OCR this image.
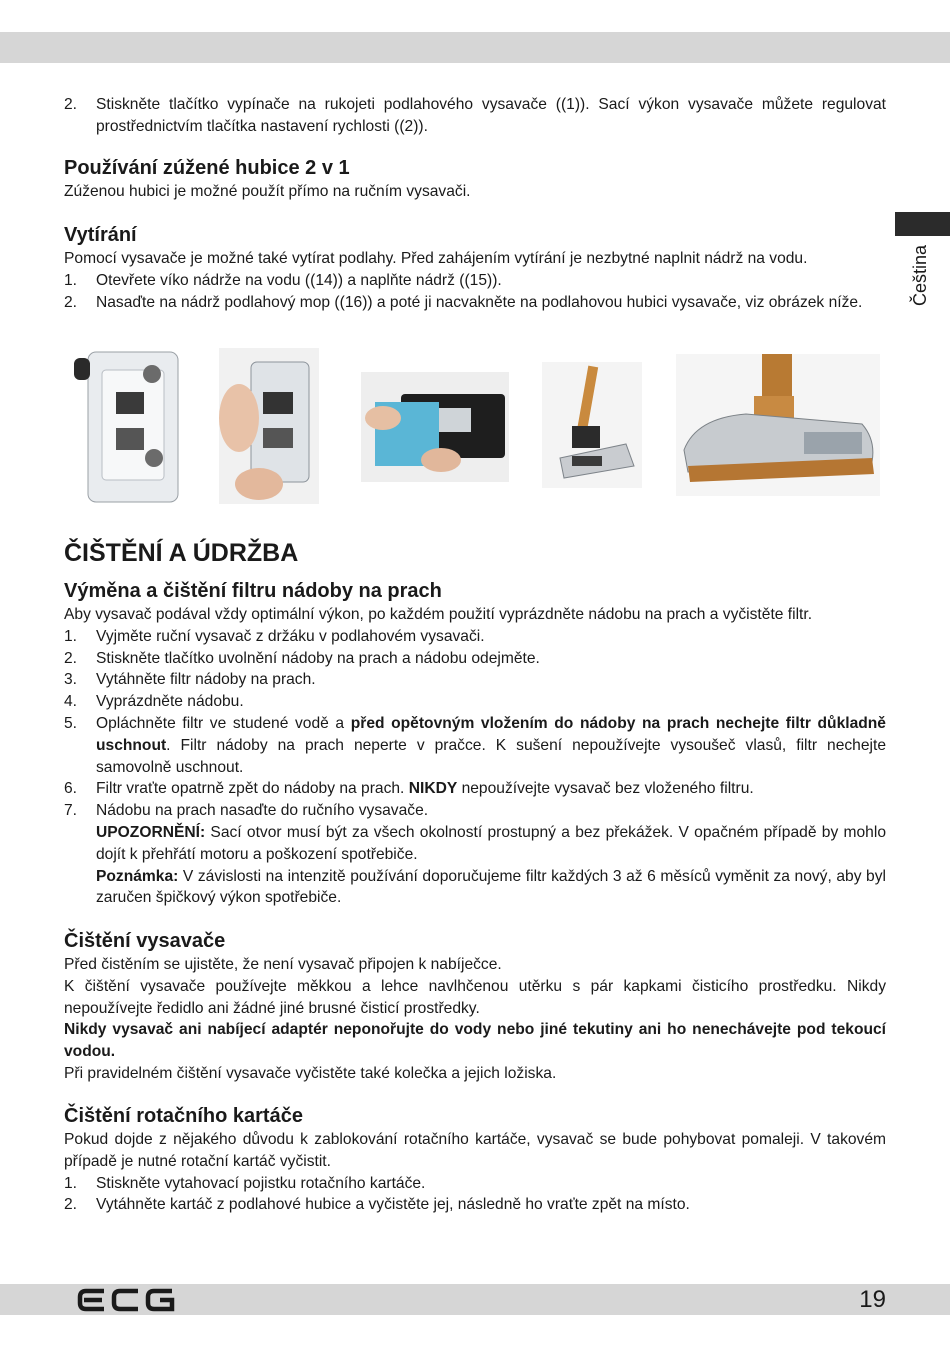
Čeština
2. Stiskněte tlačítko vypínače na rukojeti podlahového vysavače ((1)). Sací výkon vysavače můžete regulovat prostřednictvím tlačítka nastavení rychlosti ((2)).
Používání zúžené hubice 2 v 1

Zúženou hubici je možné použít přímo na ručním vysavači.

Vytírání

Pomocí vysavače je možné také vytírat podlahy. Před zahájením vytírání je nezbytné naplnit nádrž na vodu.

1. Otevřete víko nádrže na vodu ((14)) a naplňte nádrž ((15)).
2. Nasaďte na nádrž podlahový mop ((16)) a poté ji nacvakněte na podlahovou hubici vysavače, viz obrázek níže.
ČIŠTĚNÍ A ÚDRŽBA
Výměna a čištění filtru nádoby na prach

Aby vysavač podával vždy optimální výkon, po každém použití vyprázdněte nádobu na prach a vyčistěte filtr.

1. Vyjměte ruční vysavač z držáku v podlahovém vysavači.
2. Stiskněte tlačítko uvolnění nádoby na prach a nádobu odejměte.
3. Vytáhněte filtr nádoby na prach.
4. Vyprázdněte nádobu.
5. Opláchněte filtr ve studené vodě a před opětovným vložením do nádoby na prach nechejte filtr důkladně uschnout. Filtr nádoby na prach neperte v pračce. K sušení nepoužívejte vysoušeč vlasů, filtr nechejte samovolně uschnout.
6. Filtr vraťte opatrně zpět do nádoby na prach. NIKDY nepoužívejte vysavač bez vloženého filtru.
7. Nádobu na prach nasaďte do ručního vysavače.
UPOZORNĚNÍ: Sací otvor musí být za všech okolností prostupný a bez překážek. V opačném případě by mohlo dojít k přehřátí motoru a poškození spotřebiče.
Poznámka: V závislosti na intenzitě používání doporučujeme filtr každých 3 až 6 měsíců vyměnit za nový, aby byl zaručen špičkový výkon spotřebiče.
Čištění vysavače

Před čistěním se ujistěte, že není vysavač připojen k nabíječce.

K čištění vysavače používejte měkkou a lehce navlhčenou utěrku s pár kapkami čisticího prostředku. Nikdy nepoužívejte ředidlo ani žádné jiné brusné čisticí prostředky.

Nikdy vysavač ani nabíjecí adaptér neponořujte do vody nebo jiné tekutiny ani ho nenechávejte pod tekoucí vodou.

Při pravidelném čištění vysavače vyčistěte také kolečka a jejich ložiska.

Čištění rotačního kartáče

Pokud dojde z nějakého důvodu k zablokování rotačního kartáče, vysavač se bude pohybovat pomaleji. V takovém případě je nutné rotační kartáč vyčistit.

1. Stiskněte vytahovací pojistku rotačního kartáče.
2. Vytáhněte kartáč z podlahové hubice a vyčistěte jej, následně ho vraťte zpět na místo.
19
